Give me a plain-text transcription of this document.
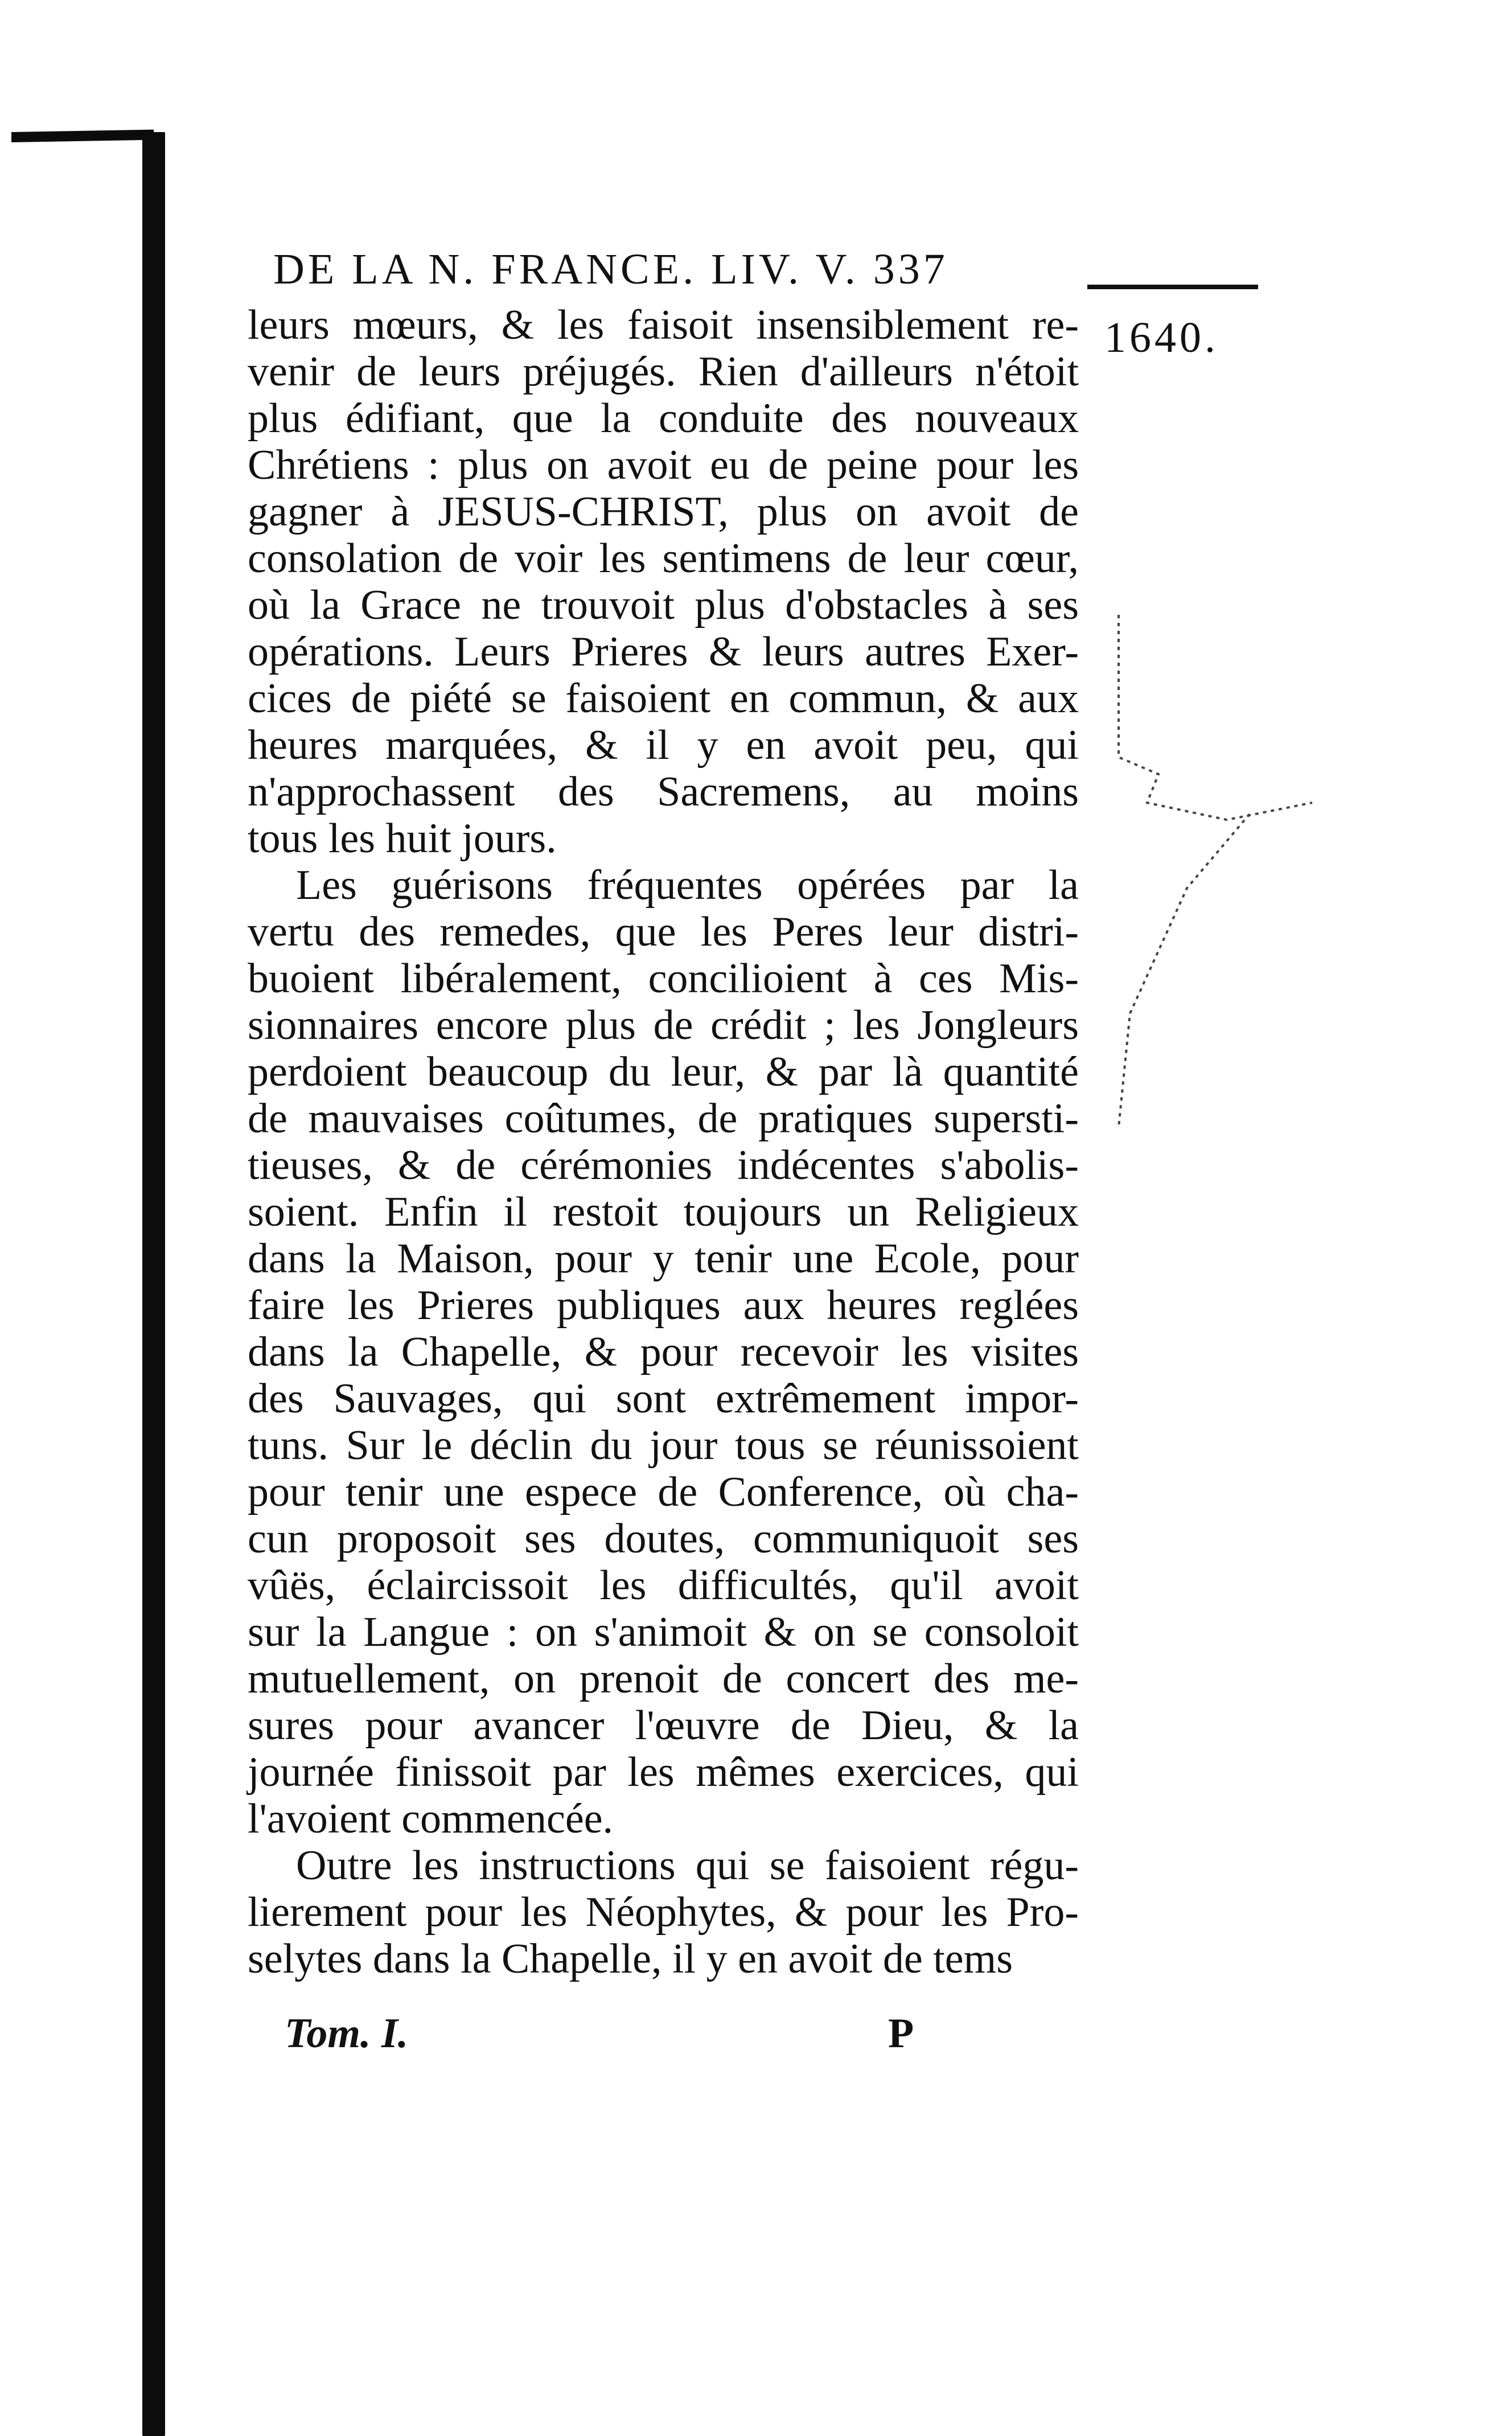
DE LA N. FRANCE. LIV. V. 337
1640.
leurs mœurs, & les faisoit insensiblement re-
venir de leurs préjugés. Rien d'ailleurs n'étoit
plus édifiant, que la conduite des nouveaux
Chrétiens : plus on avoit eu de peine pour les
gagner à JESUS-CHRIST, plus on avoit de
consolation de voir les sentimens de leur cœur,
où la Grace ne trouvoit plus d'obstacles à ses
opérations. Leurs Prieres & leurs autres Exer-
cices de piété se faisoient en commun, & aux
heures marquées, & il y en avoit peu, qui
n'approchassent des Sacremens, au moins
tous les huit jours.
Les guérisons fréquentes opérées par la
vertu des remedes, que les Peres leur distri-
buoient libéralement, concilioient à ces Mis-
sionnaires encore plus de crédit ; les Jongleurs
perdoient beaucoup du leur, & par là quantité
de mauvaises coûtumes, de pratiques supersti-
tieuses, & de cérémonies indécentes s'abolis-
soient. Enfin il restoit toujours un Religieux
dans la Maison, pour y tenir une Ecole, pour
faire les Prieres publiques aux heures reglées
dans la Chapelle, & pour recevoir les visites
des Sauvages, qui sont extrêmement impor-
tuns. Sur le déclin du jour tous se réunissoient
pour tenir une espece de Conference, où cha-
cun proposoit ses doutes, communiquoit ses
vûës, éclaircissoit les difficultés, qu'il avoit
sur la Langue : on s'animoit & on se consoloit
mutuellement, on prenoit de concert des me-
sures pour avancer l'œuvre de Dieu, & la
journée finissoit par les mêmes exercices, qui
l'avoient commencée.
Outre les instructions qui se faisoient régu-
lierement pour les Néophytes, & pour les Pro-
selytes dans la Chapelle, il y en avoit de tems
Tom. I.	P
